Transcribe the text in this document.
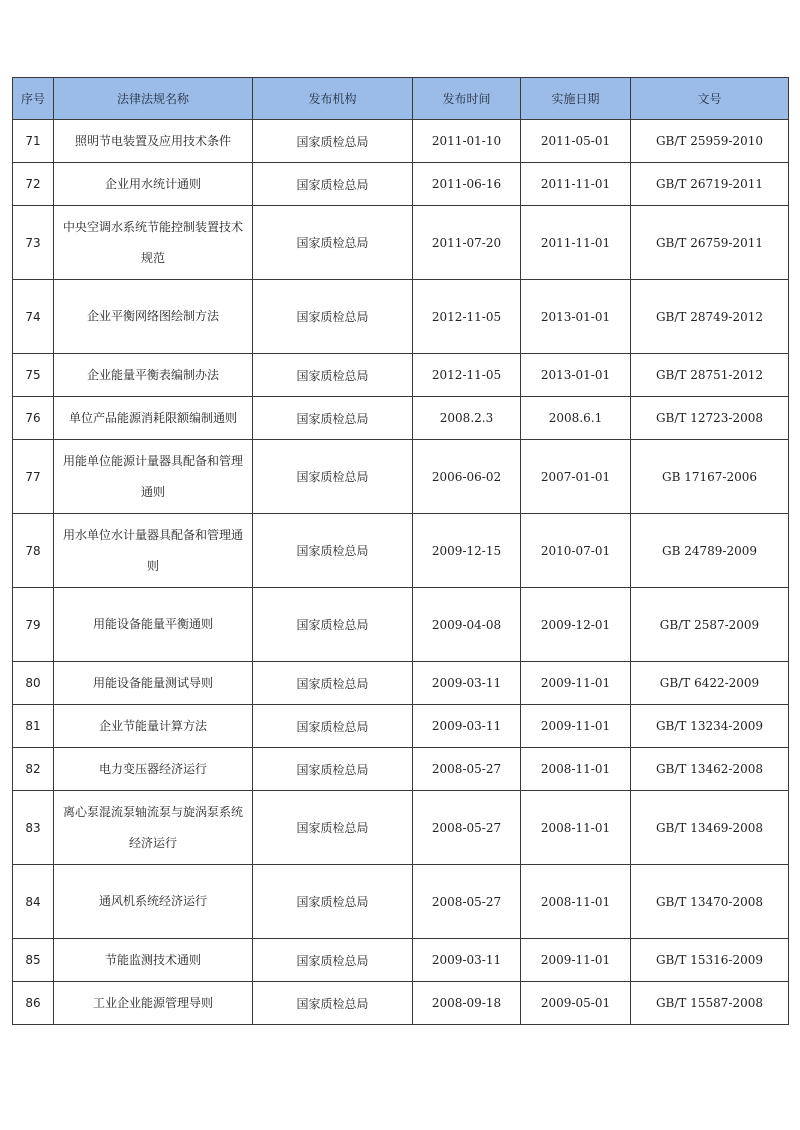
序号	法律法规名称	发布机构	发布时间	实施日期	文号
71	照明节电装置及应用技术条件	国家质检总局	2011-01-10	2011-05-01	GB/T 25959-2010
72	企业用水统计通则	国家质检总局	2011-06-16	2011-11-01	GB/T 26719-2011
73	中央空调水系统节能控制装置技术规范	国家质检总局	2011-07-20	2011-11-01	GB/T 26759-2011
74	企业平衡网络图绘制方法	国家质检总局	2012-11-05	2013-01-01	GB/T 28749-2012
75	企业能量平衡表编制办法	国家质检总局	2012-11-05	2013-01-01	GB/T 28751-2012
76	单位产品能源消耗限额编制通则	国家质检总局	2008.2.3	2008.6.1	GB/T 12723-2008
77	用能单位能源计量器具配备和管理通则	国家质检总局	2006-06-02	2007-01-01	GB 17167-2006
78	用水单位水计量器具配备和管理通则	国家质检总局	2009-12-15	2010-07-01	GB 24789-2009
79	用能设备能量平衡通则	国家质检总局	2009-04-08	2009-12-01	GB/T 2587-2009
80	用能设备能量测试导则	国家质检总局	2009-03-11	2009-11-01	GB/T 6422-2009
81	企业节能量计算方法	国家质检总局	2009-03-11	2009-11-01	GB/T 13234-2009
82	电力变压器经济运行	国家质检总局	2008-05-27	2008-11-01	GB/T 13462-2008
83	离心泵混流泵轴流泵与旋涡泵系统经济运行	国家质检总局	2008-05-27	2008-11-01	GB/T 13469-2008
84	通风机系统经济运行	国家质检总局	2008-05-27	2008-11-01	GB/T 13470-2008
85	节能监测技术通则	国家质检总局	2009-03-11	2009-11-01	GB/T 15316-2009
86	工业企业能源管理导则	国家质检总局	2008-09-18	2009-05-01	GB/T 15587-2008
